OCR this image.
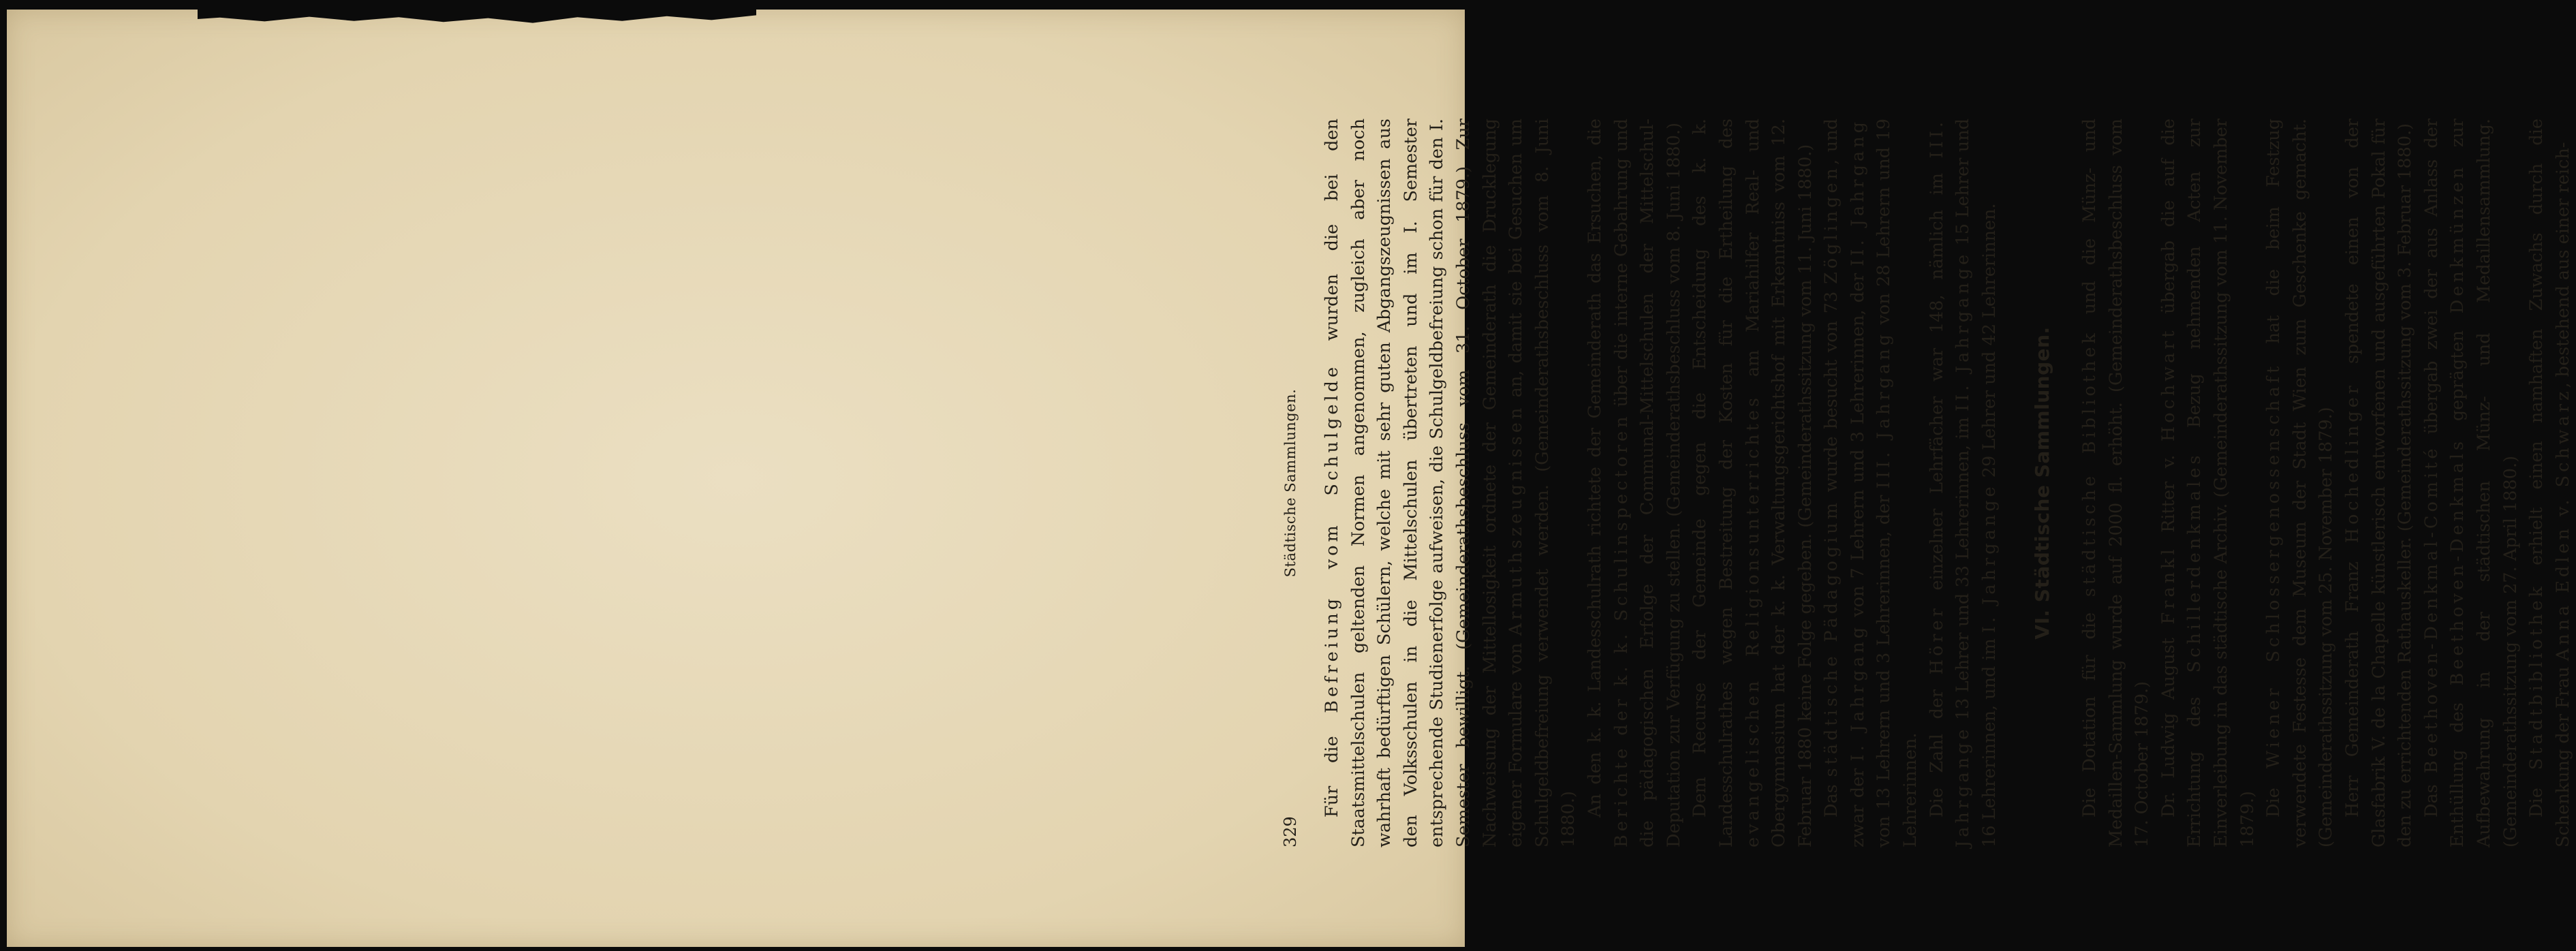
329
Städtische Sammlungen.

Für die Befreiung vom Schulgelde wurden die bei den Staatsmittelschulen geltenden Normen angenommen, zugleich aber noch wahrhaft bedürftigen Schülern, welche mit sehr guten Abgangszeugnissen aus den Volksschulen in die Mittelschulen übertreten und im I. Semester entsprechende Studienerfolge aufweisen, die Schulgeldbefreiung schon für den I. Semester bewilligt. (Gemeinderathsbeschluss vom 31. October 1879.) Zur Nachweisung der Mittellosigkeit ordnete der Gemeinderath die Drucklegung eigener Formulare von Armuthszeugnissen an, damit sie bei Gesuchen um Schulgeldbefreiung verwendet werden. (Gemeinderathsbeschluss vom 8. Juni 1880.)

An den k. k. Landesschulrath richtete der Gemeinderath das Ersuchen, die Berichte der k. k. Schulinspectoren über die interne Gebahrung und die pädagogischen Erfolge der Communal-Mittelschulen der Mittelschul-Deputation zur Verfügung zu stellen. (Gemeinderathsbeschluss vom 8. Juni 1880.) Dem Recurse der Gemeinde gegen die Entscheidung des k. k. Landesschulrathes wegen Bestreitung der Kosten für die Ertheilung des evangelischen Religionsunterrichtes am Mariahilfer Real- und Obergymnasium hat der k. k. Verwaltungsgerichtshof mit Erkenntniss vom 12. Februar 1880 keine Folge gegeben. (Gemeinderathssitzung vom 11. Juni 1880.) Das städtische Pädagogium wurde besucht von 73 Zöglingen, und zwar der I. Jahrgang von 7 Lehrern und 3 Lehrerinnen, der II. Jahrgang von 13 Lehrern und 3 Lehrerinnen, der III. Jahrgang von 28 Lehrern und 19 Lehrerinnen. Die Zahl der Hörer einzelner Lehrfächer war 148, nämlich im III. Jahrgange 13 Lehrer und 33 Lehrerinnen, im II. Jahrgange 15 Lehrer und 16 Lehrerinnen, und im I. Jahrgange 29 Lehrer und 42 Lehrerinnen. VI. Städtische Sammlungen.

Die Dotation für die städtische Bibliothek und die Münz- und Medaillen-Sammlung wurde auf 2000 fl. erhöht. (Gemeinderathsbeschluss vom 17. October 1879.) Dr. Ludwig August Frankl Ritter v. Hochwart übergab die auf die Errichtung des Schillerdenkmales Bezug nehmenden Acten zur Einverleibung in das städtische Archiv. (Gemeinderathssitzung vom 11. November 1879.) Die Wiener Schlossergenossenschaft hat die beim Festzug verwendete Festesse dem Museum der Stadt Wien zum Geschenke gemacht. (Gemeinderathssitzung vom 25. November 1879.) Herr Gemeinderath Franz Hochedlinger spendete einen von der Glasfabrik V. de la Chapelle künstlerisch entworfenen und ausgeführten Pokal für den zu errichtenden Rathauskeller. (Gemeinderathssitzung vom 3. Februar 1880.) Das Beethoven-Denkmal-Comité übergab zwei der aus Anlass der Enthüllung des Beethoven-Denkmals geprägten Denkmünzen zur Aufbewahrung in der städtischen Münz- und Medaillensammlung. (Gemeinderathssitzung vom 27. April 1880.) Die Stadtbibliothek erhielt einen namhaften Zuwachs durch die Schenkung der Frau Anna Edlen v. Schwarz, bestehend aus einer reich-
